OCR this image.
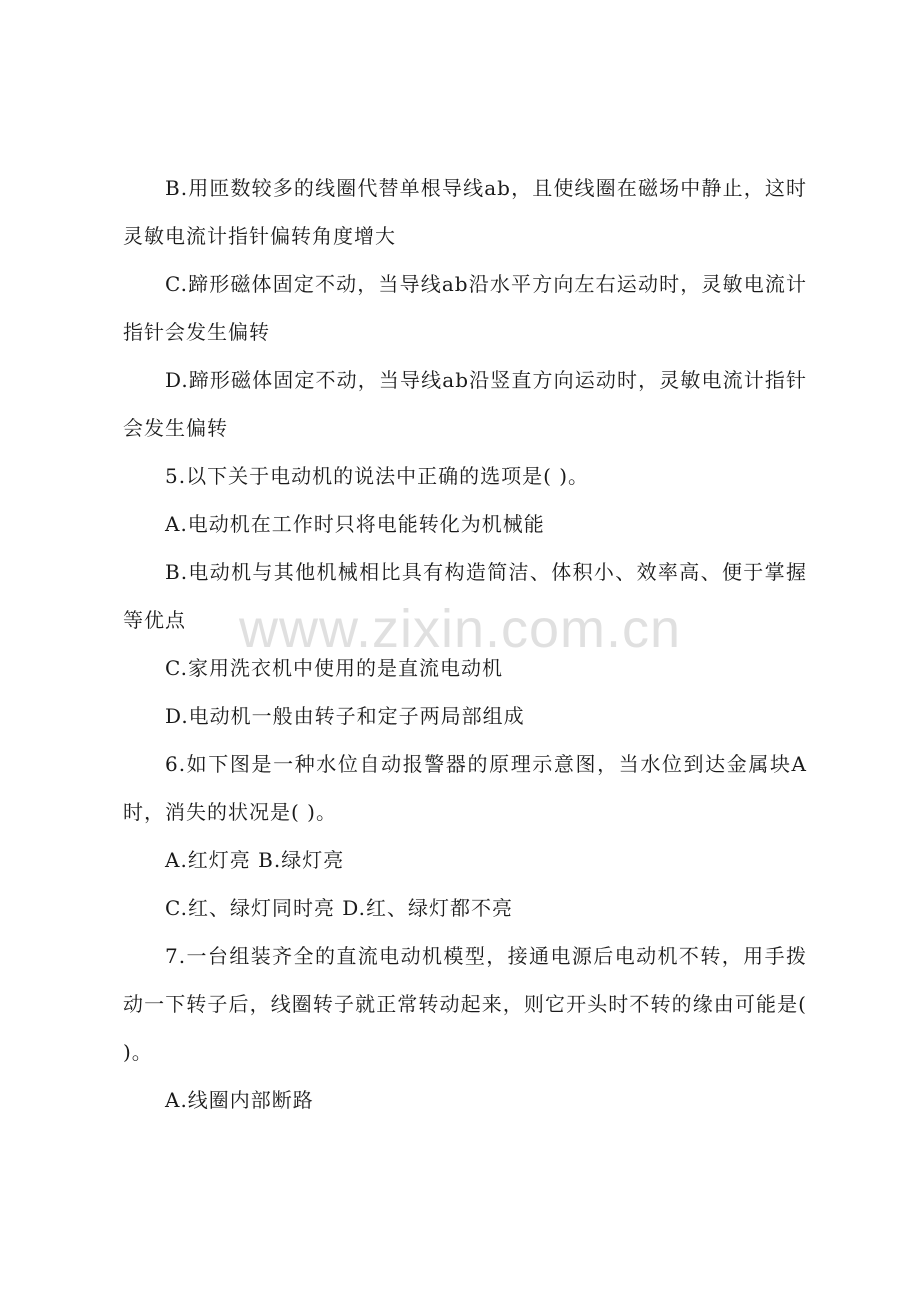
B.用匝数较多的线圈代替单根导线ab，且使线圈在磁场中静止，这时灵敏电流计指针偏转角度增大

C.蹄形磁体固定不动，当导线ab沿水平方向左右运动时，灵敏电流计指针会发生偏转

D.蹄形磁体固定不动，当导线ab沿竖直方向运动时，灵敏电流计指针会发生偏转

5.以下关于电动机的说法中正确的选项是( )。

A.电动机在工作时只将电能转化为机械能

B.电动机与其他机械相比具有构造简洁、体积小、效率高、便于掌握等优点

C.家用洗衣机中使用的是直流电动机

D.电动机一般由转子和定子两局部组成

6.如下图是一种水位自动报警器的原理示意图，当水位到达金属块A时，消失的状况是( )。

A.红灯亮 B.绿灯亮

C.红、绿灯同时亮 D.红、绿灯都不亮

7.一台组装齐全的直流电动机模型，接通电源后电动机不转，用手拨动一下转子后，线圈转子就正常转动起来，则它开头时不转的缘由可能是( )。

A.线圈内部断路

www.zixin.com.cn
